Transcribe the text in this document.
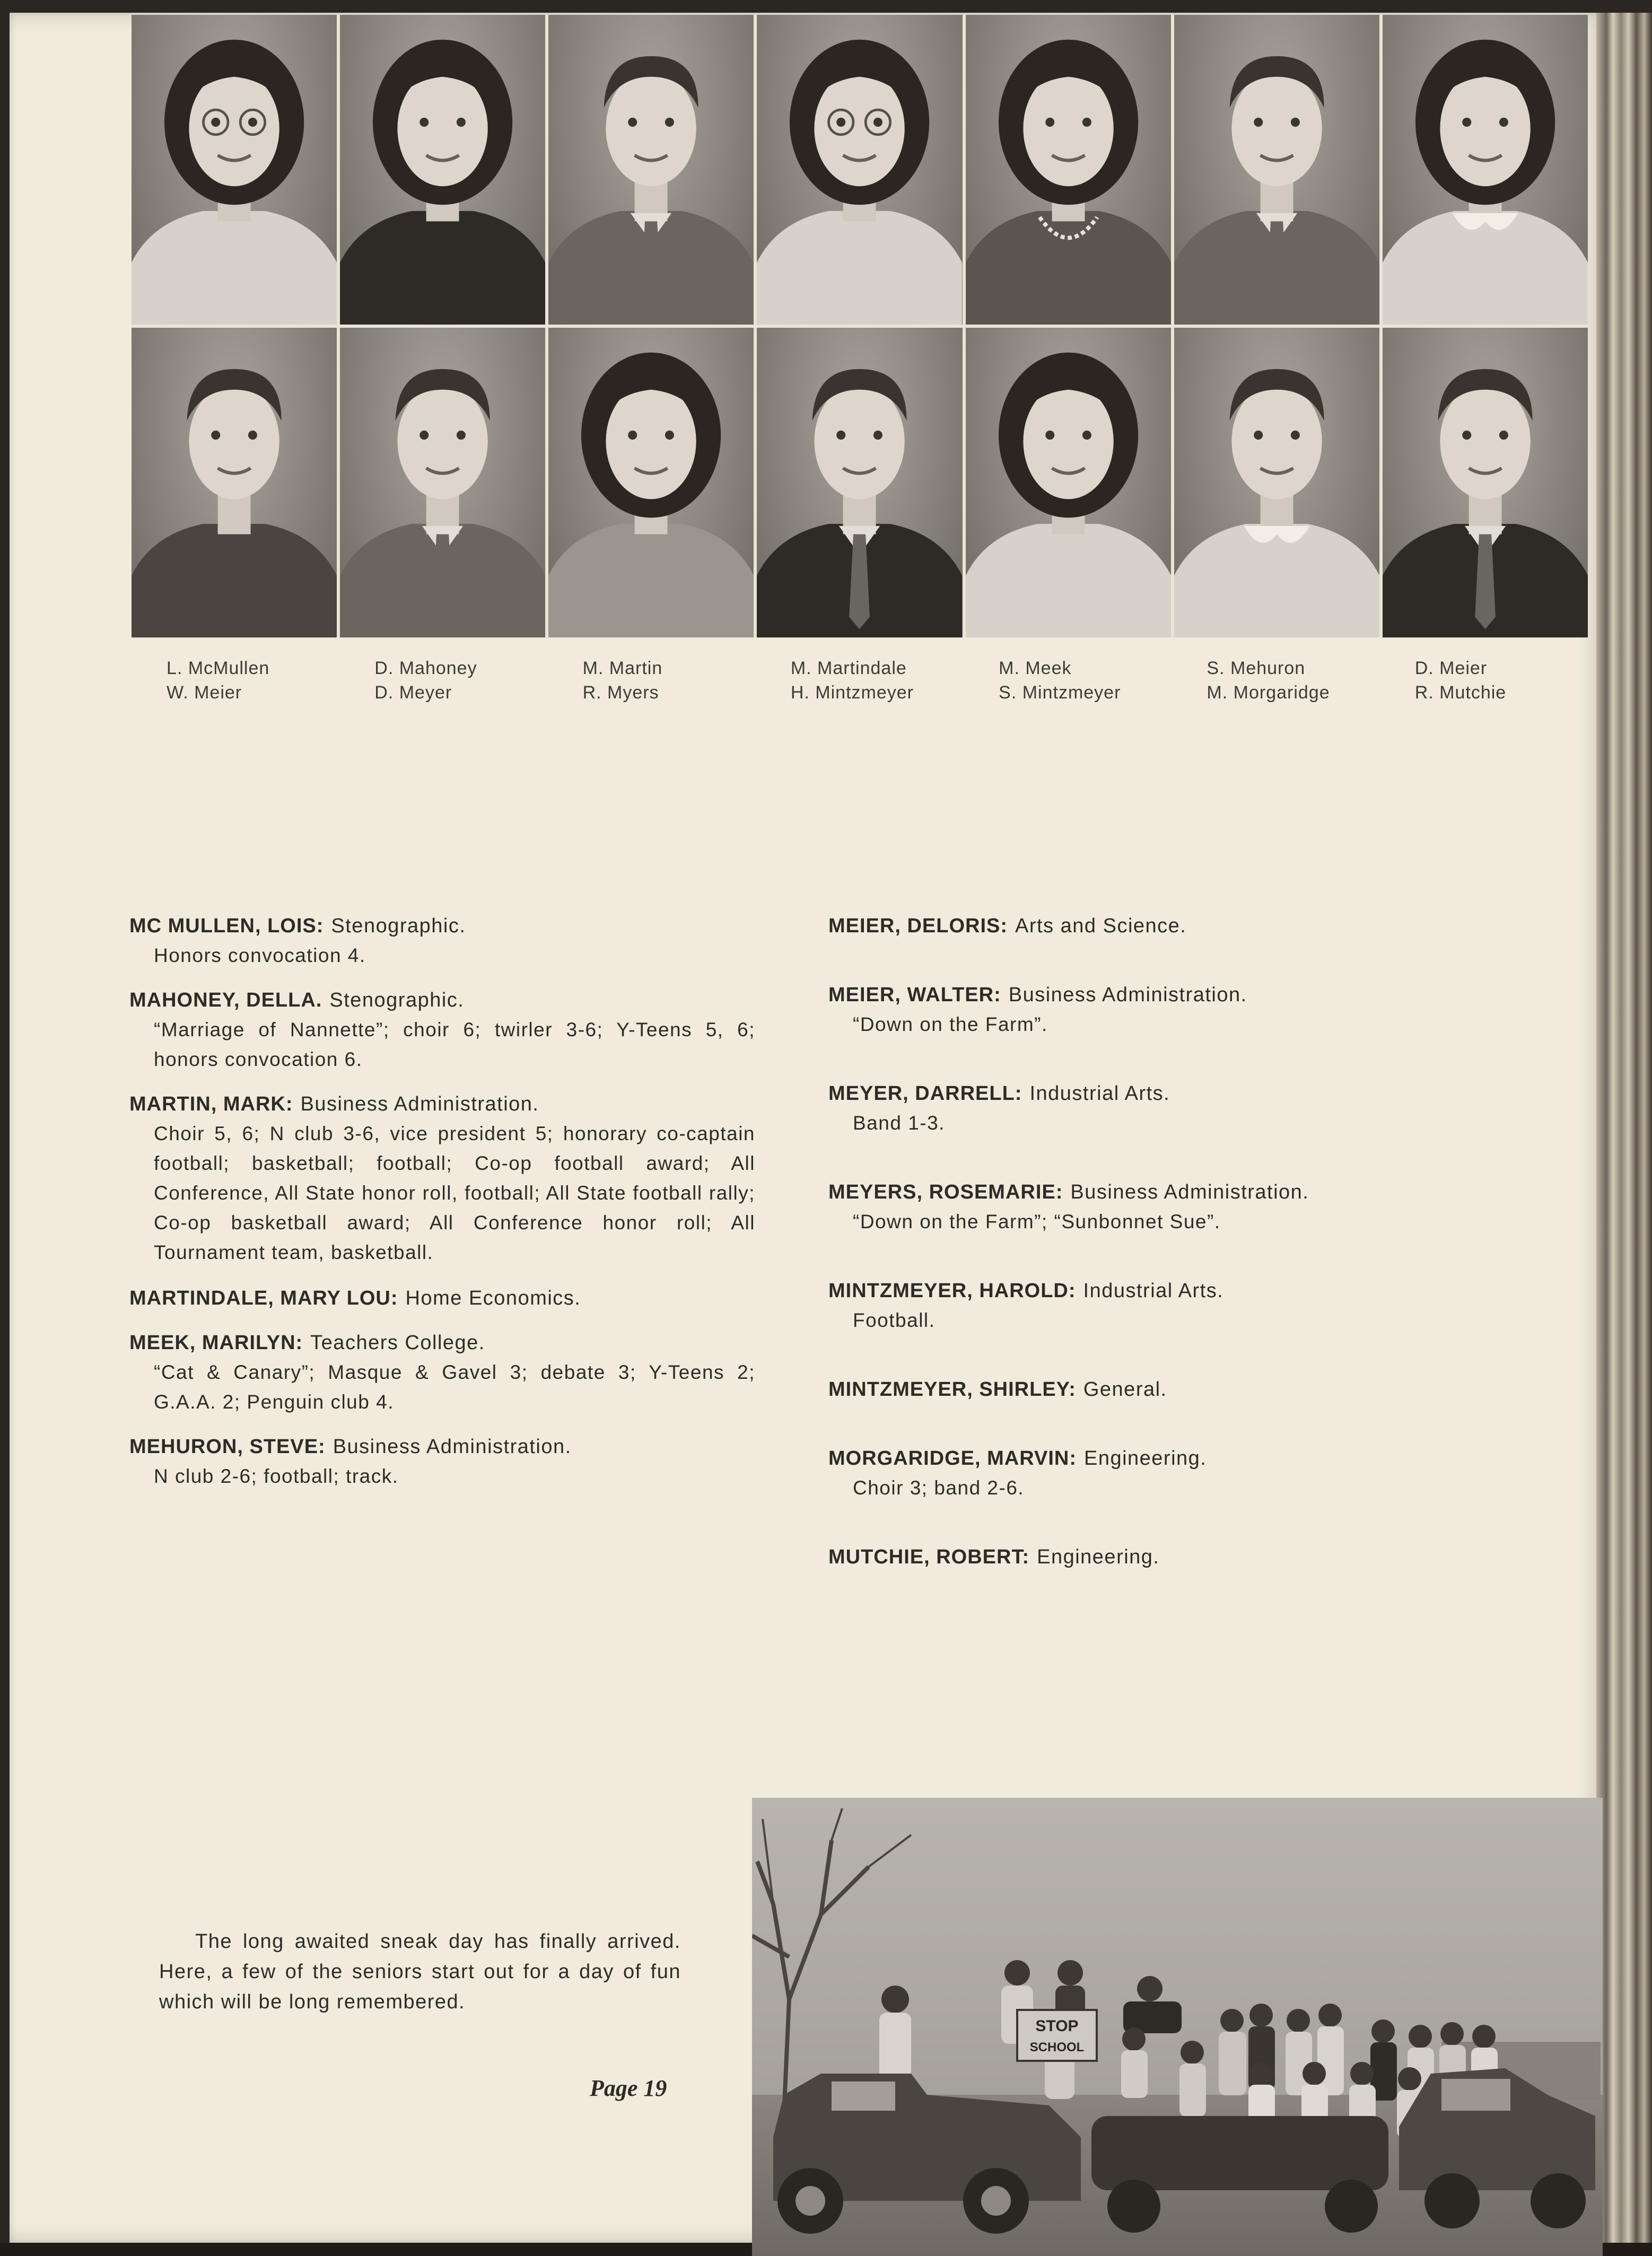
L. McMullen
W. Meier
D. Mahoney
D. Meyer
M. Martin
R. Myers
M. Martindale
H. Mintzmeyer
M. Meek
S. Mintzmeyer
S. Mehuron
M. Morgaridge
D. Meier
R. Mutchie
MC MULLEN, LOIS: Stenographic.
Honors convocation 4.
MAHONEY, DELLA. Stenographic.
“Marriage of Nannette”; choir 6; twirler 3-6; Y-Teens 5, 6; honors convocation 6.
MARTIN, MARK: Business Administration.
Choir 5, 6; N club 3-6, vice president 5; honorary co-captain football; basketball; football; Co-op football award; All Conference, All State honor roll, football; All State football rally; Co-op basketball award; All Conference honor roll; All Tournament team, basketball.
MARTINDALE, MARY LOU: Home Economics.
MEEK, MARILYN: Teachers College.
“Cat & Canary”; Masque & Gavel 3; debate 3; Y-Teens 2; G.A.A. 2; Penguin club 4.
MEHURON, STEVE: Business Administration.
N club 2-6; football; track.
MEIER, DELORIS: Arts and Science.
MEIER, WALTER: Business Administration.
“Down on the Farm”.
MEYER, DARRELL: Industrial Arts.
Band 1-3.
MEYERS, ROSEMARIE: Business Administration.
“Down on the Farm”; “Sunbonnet Sue”.
MINTZMEYER, HAROLD: Industrial Arts.
Football.
MINTZMEYER, SHIRLEY: General.
MORGARIDGE, MARVIN: Engineering.
Choir 3; band 2-6.
MUTCHIE, ROBERT: Engineering.
The long awaited sneak day has finally arrived. Here, a few of the seniors start out for a day of fun which will be long remembered.
Page 19
STOP
SCHOOL
